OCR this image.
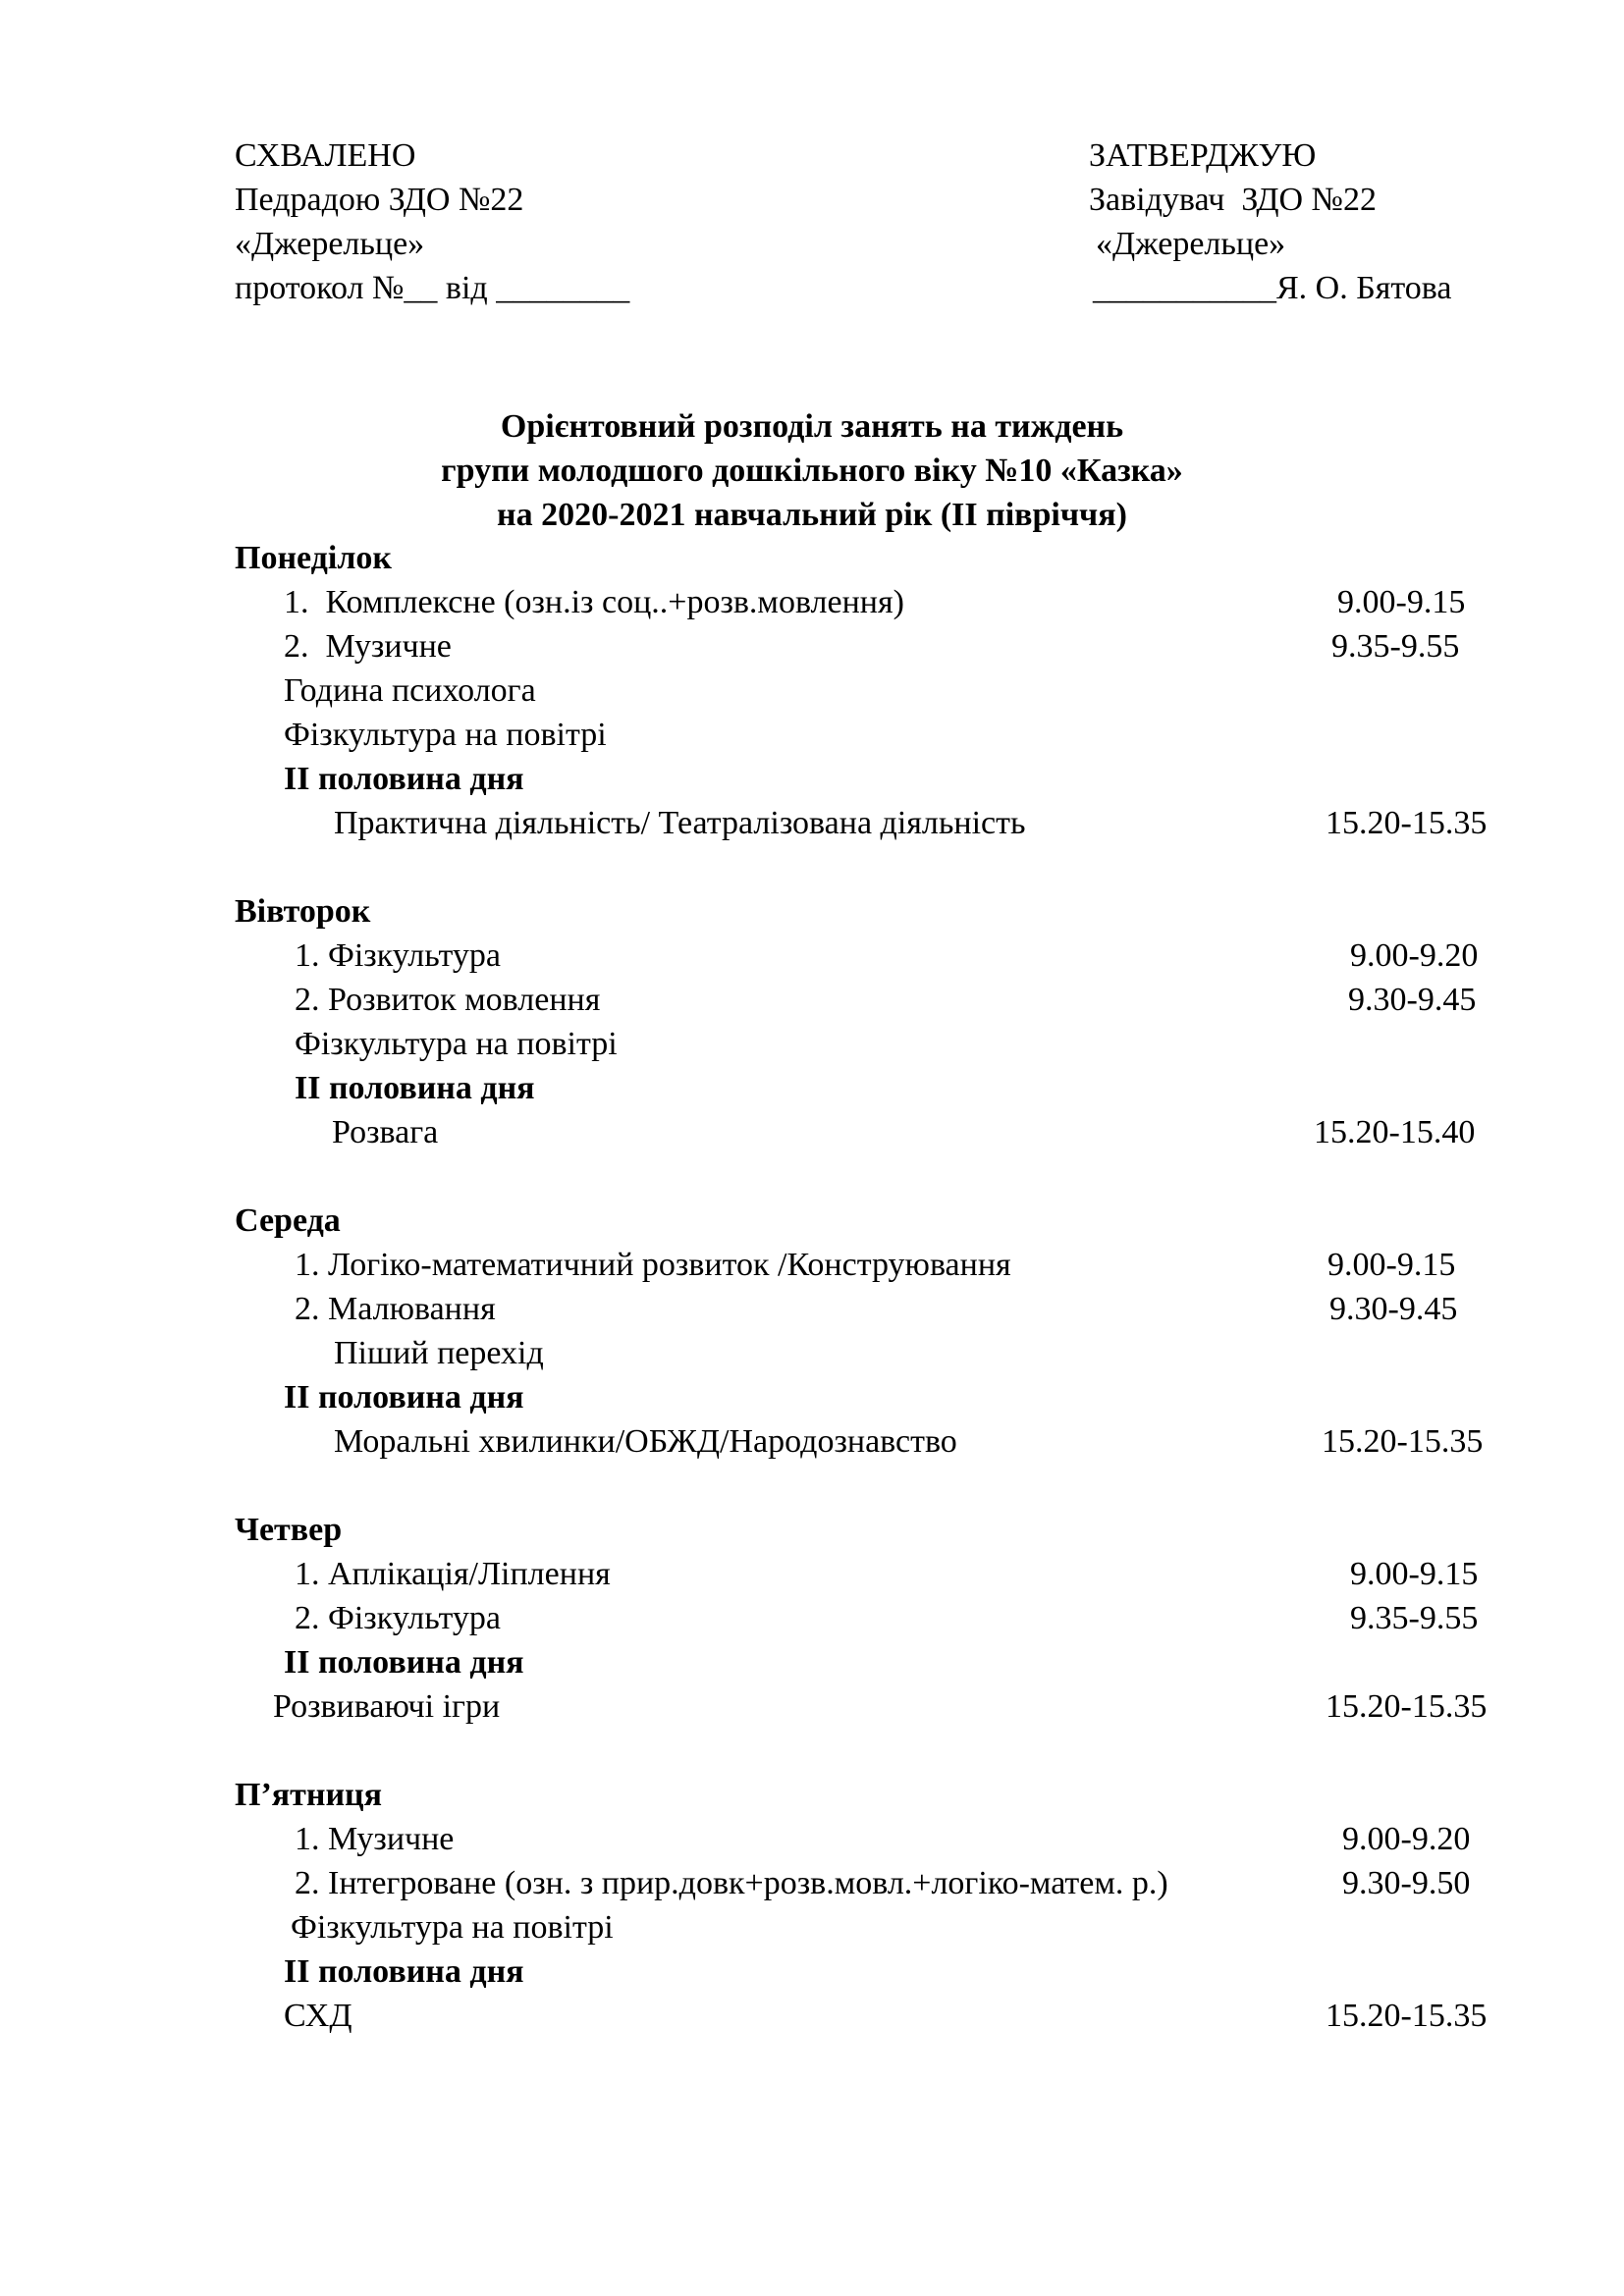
СХВАЛЕНО
Педрадою ЗДО №22
«Джерельце»
протокол №__ від ________
ЗАТВЕРДЖУЮ
Завідувач  ЗДО №22
«Джерельце»
___________Я. О. Бятова
Орієнтовний розподіл занять на тиждень
групи молодшого дошкільного віку №10 «Казка»
на 2020-2021 навчальний рік (ІІ півріччя)
Понеділок
1.  Комплексне (озн.із соц..+розв.мовлення)	9.00-9.15
2.  Музичне	9.35-9.55
Година психолога
Фізкультура на повітрі
ІІ половина дня
Практична діяльність/ Театралізована діяльність	15.20-15.35
Вівторок
1. Фізкультура	9.00-9.20
2. Розвиток мовлення	9.30-9.45
Фізкультура на повітрі
ІІ половина дня
Розвага	15.20-15.40
Середа
1. Логіко-математичний розвиток /Конструювання	9.00-9.15
2. Малювання	9.30-9.45
Піший перехід
ІІ половина дня
Моральні хвилинки/ОБЖД/Народознавство	15.20-15.35
Четвер
1. Аплікація/Ліплення	9.00-9.15
2. Фізкультура	9.35-9.55
ІІ половина дня
Розвиваючі ігри	15.20-15.35
П’ятниця
1. Музичне	9.00-9.20
2. Інтегроване (озн. з прир.довк+розв.мовл.+логіко-матем. р.)	9.30-9.50
Фізкультура на повітрі
ІІ половина дня
СХД	15.20-15.35
